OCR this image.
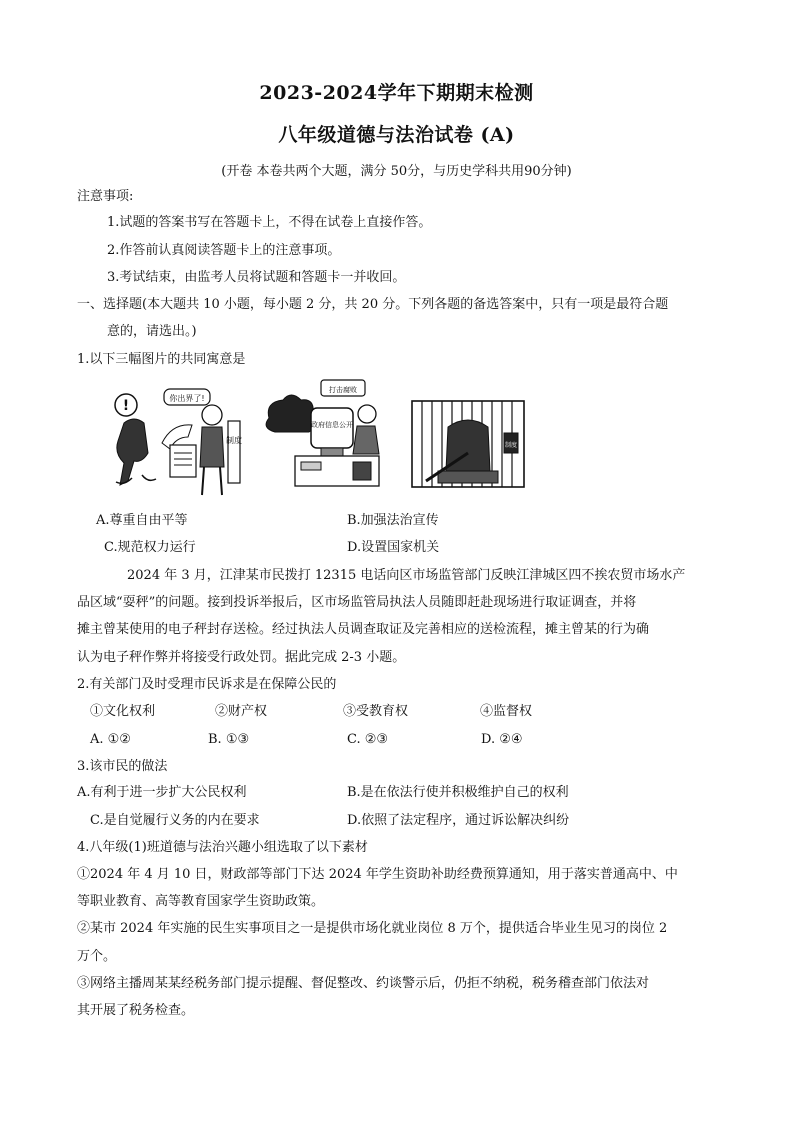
2023-2024学年下期期末检测
八年级道德与法治试卷 (A)
(开卷 本卷共两个大题，满分 50分，与历史学科共用90分钟)
注意事项:
1.试题的答案书写在答题卡上，不得在试卷上直接作答。
2.作答前认真阅读答题卡上的注意事项。
3.考试结束，由监考人员将试题和答题卡一并收回。
一、选择题(本大题共 10 小题，每小题 2 分，共 20 分。下列各题的备选答案中，只有一项是最符合题
意的，请选出。)
1.以下三幅图片的共同寓意是
!	你出界了!
制度
打击腐败
政府信息公开
制度
A.尊重自由平等	B.加强法治宣传
C.规范权力运行	D.设置国家机关
2024 年 3 月，江津某市民拨打 12315 电话向区市场监管部门反映江津城区四不挨农贸市场水产
品区域“耍秤”的问题。接到投诉举报后，区市场监管局执法人员随即赶赴现场进行取证调查，并将
摊主曾某使用的电子秤封存送检。经过执法人员调查取证及完善相应的送检流程，摊主曾某的行为确
认为电子秤作弊并将接受行政处罚。据此完成 2-3 小题。
2.有关部门及时受理市民诉求是在保障公民的
①文化权利	②财产权	③受教育权	④监督权
A. ①②	B. ①③	C. ②③	D. ②④
3.该市民的做法
A.有利于进一步扩大公民权利	B.是在依法行使并积极维护自己的权利
C.是自觉履行义务的内在要求	D.依照了法定程序，通过诉讼解决纠纷
4.八年级(1)班道德与法治兴趣小组选取了以下素材
①2024 年 4 月 10 日，财政部等部门下达 2024 年学生资助补助经费预算通知，用于落实普通高中、中
等职业教育、高等教育国家学生资助政策。
②某市 2024 年实施的民生实事项目之一是提供市场化就业岗位 8 万个，提供适合毕业生见习的岗位 2
万个。
③网络主播周某某经税务部门提示提醒、督促整改、约谈警示后，仍拒不纳税，税务稽查部门依法对
其开展了税务检查。
